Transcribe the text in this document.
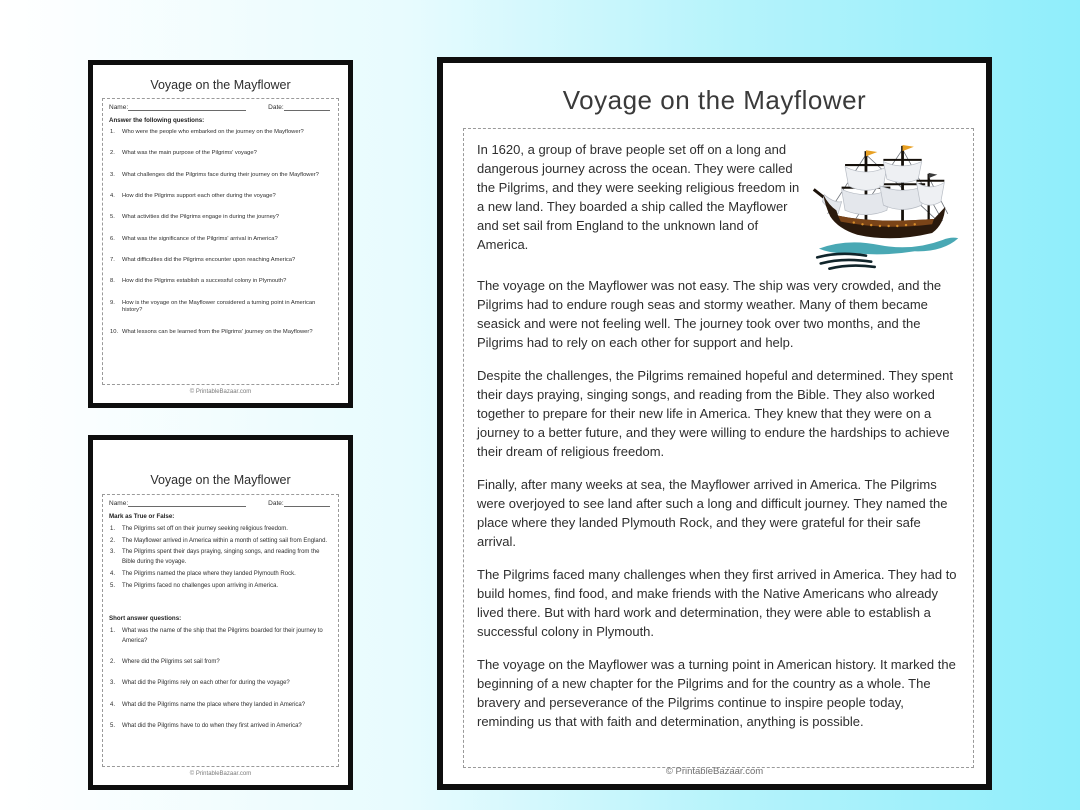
Voyage on the Mayflower
Name:	Date:
Answer the following questions:
Who were the people who embarked on the journey on the Mayflower?
What was the main purpose of the Pilgrims' voyage?
What challenges did the Pilgrims face during their journey on the Mayflower?
How did the Pilgrims support each other during the voyage?
What activities did the Pilgrims engage in during the journey?
What was the significance of the Pilgrims' arrival in America?
What difficulties did the Pilgrims encounter upon reaching America?
How did the Pilgrims establish a successful colony in Plymouth?
How is the voyage on the Mayflower considered a turning point in American history?
What lessons can be learned from the Pilgrims' journey on the Mayflower?
© PrintableBazaar.com
Voyage on the Mayflower
Name:	Date:
Mark as True or False:
The Pilgrims set off on their journey seeking religious freedom.
The Mayflower arrived in America within a month of setting sail from England.
The Pilgrims spent their days praying, singing songs, and reading from the Bible during the voyage.
The Pilgrims named the place where they landed Plymouth Rock.
The Pilgrims faced no challenges upon arriving in America.
Short answer questions:
What was the name of the ship that the Pilgrims boarded for their journey to America?
Where did the Pilgrims set sail from?
What did the Pilgrims rely on each other for during the voyage?
What did the Pilgrims name the place where they landed in America?
What did the Pilgrims have to do when they first arrived in America?
© PrintableBazaar.com
Voyage on the Mayflower

In 1620, a group of brave people set off on a long and dangerous journey across the ocean. They were called the Pilgrims, and they were seeking religious freedom in a new land. They boarded a ship called the Mayflower and set sail from England to the unknown land of America.

The voyage on the Mayflower was not easy. The ship was very crowded, and the Pilgrims had to endure rough seas and stormy weather. Many of them became seasick and were not feeling well. The journey took over two months, and the Pilgrims had to rely on each other for support and help.

Despite the challenges, the Pilgrims remained hopeful and determined. They spent their days praying, singing songs, and reading from the Bible. They also worked together to prepare for their new life in America. They knew that they were on a journey to a better future, and they were willing to endure the hardships to achieve their dream of religious freedom.

Finally, after many weeks at sea, the Mayflower arrived in America. The Pilgrims were overjoyed to see land after such a long and difficult journey. They named the place where they landed Plymouth Rock, and they were grateful for their safe arrival.

The Pilgrims faced many challenges when they first arrived in America. They had to build homes, find food, and make friends with the Native Americans who already lived there. But with hard work and determination, they were able to establish a successful colony in Plymouth.

The voyage on the Mayflower was a turning point in American history. It marked the beginning of a new chapter for the Pilgrims and for the country as a whole. The bravery and perseverance of the Pilgrims continue to inspire people today, reminding us that with faith and determination, anything is possible.

© PrintableBazaar.com
